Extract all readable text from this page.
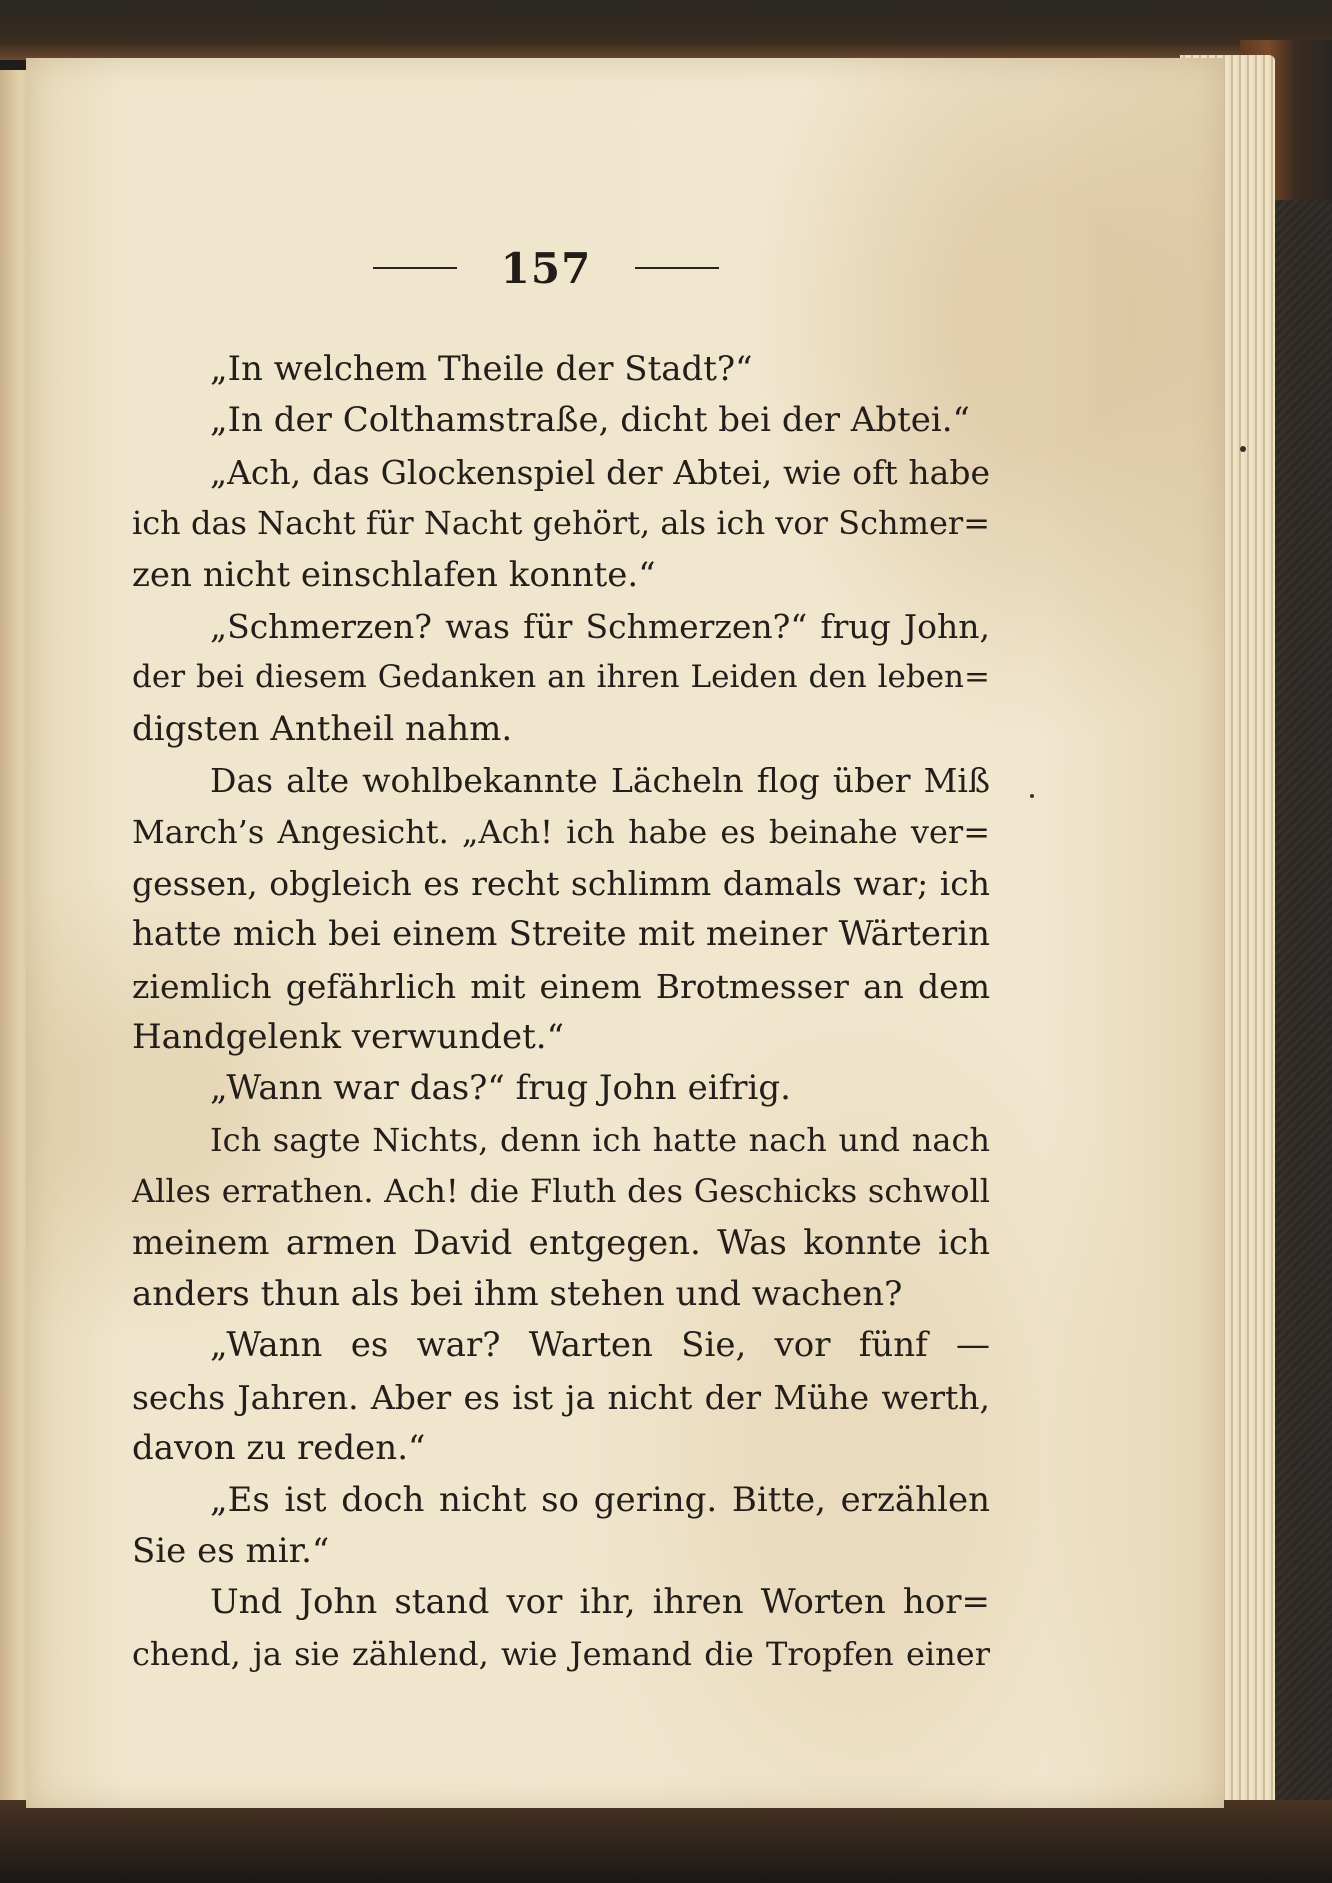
157
„In welchem Theile der Stadt?“
„In der Colthamstraße, dicht bei der Abtei.“
„Ach, das Glockenspiel der Abtei, wie oft habe
ich das Nacht für Nacht gehört, als ich vor Schmer=
zen nicht einschlafen konnte.“
„Schmerzen? was für Schmerzen?“ frug John,
der bei diesem Gedanken an ihren Leiden den leben=
digsten Antheil nahm.
Das alte wohlbekannte Lächeln flog über Miß
March’s Angesicht. „Ach! ich habe es beinahe ver=
gessen, obgleich es recht schlimm damals war; ich
hatte mich bei einem Streite mit meiner Wärterin
ziemlich gefährlich mit einem Brotmesser an dem
Handgelenk verwundet.“
„Wann war das?“ frug John eifrig.
Ich sagte Nichts, denn ich hatte nach und nach
Alles errathen. Ach! die Fluth des Geschicks schwoll
meinem armen David entgegen. Was konnte ich
anders thun als bei ihm stehen und wachen?
„Wann es war? Warten Sie, vor fünf —
sechs Jahren. Aber es ist ja nicht der Mühe werth,
davon zu reden.“
„Es ist doch nicht so gering. Bitte, erzählen
Sie es mir.“
Und John stand vor ihr, ihren Worten hor=
chend, ja sie zählend, wie Jemand die Tropfen einer
